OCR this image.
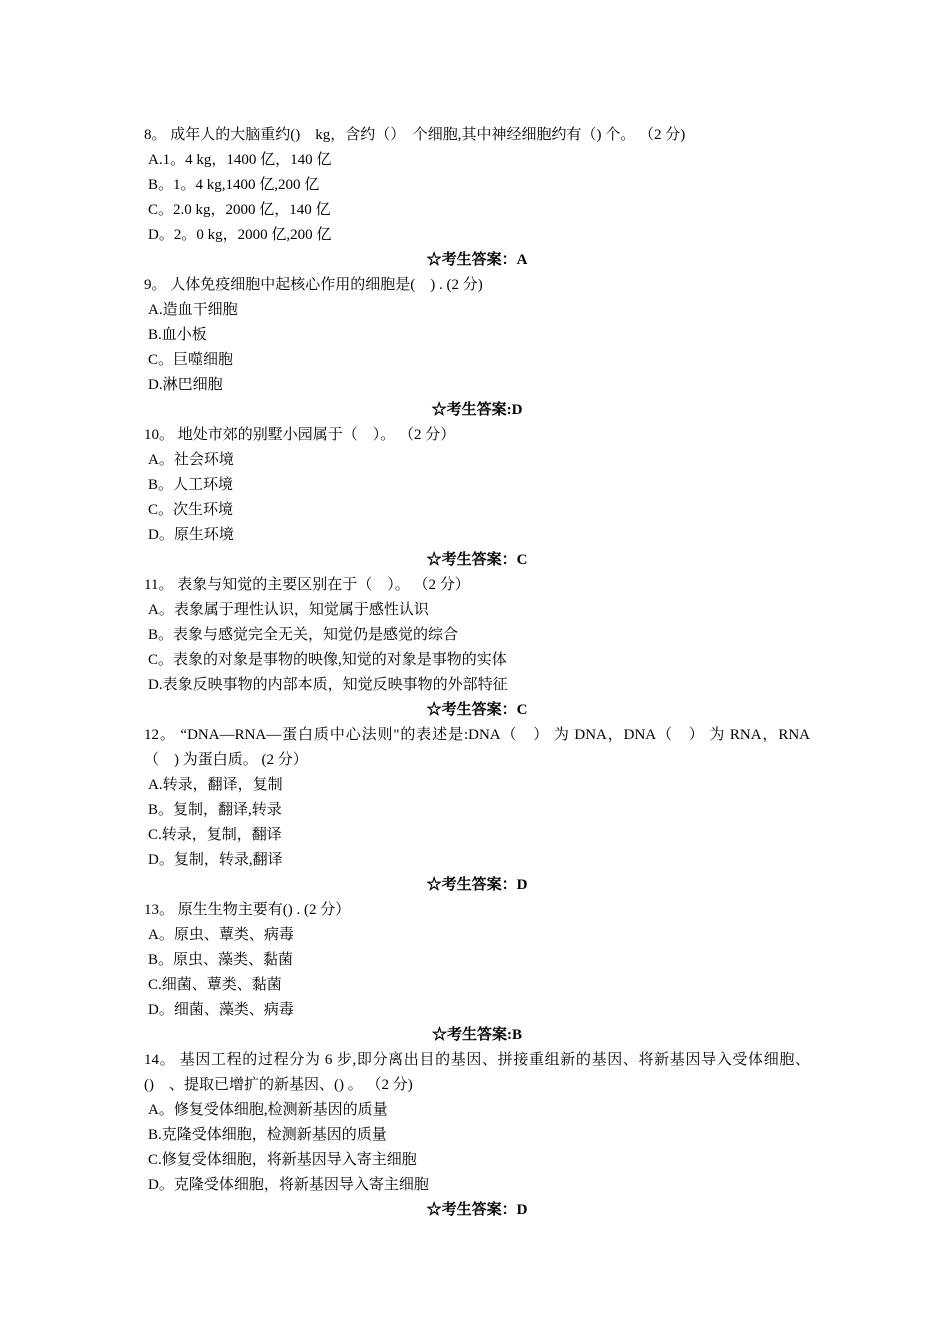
8。 成年人的大脑重约()　kg，含约（）　个细胞,其中神经细胞约有（) 个。 （2 分)
A.1。4 kg，1400 亿，140 亿
B。1。4 kg,1400 亿,200 亿
C。2.0 kg，2000 亿，140 亿
D。2。0 kg，2000 亿,200 亿
☆考生答案：A
9。 人体免疫细胞中起核心作用的细胞是(　) . (2 分)
A.造血干细胞
B.血小板
C。巨噬细胞
D.淋巴细胞
☆考生答案:D
10。 地处市郊的别墅小园属于（　）。 （2 分）
A。社会环境
B。人工环境
C。次生环境
D。原生环境
☆考生答案：C
11。 表象与知觉的主要区别在于（　）。 （2 分）
A。表象属于理性认识，知觉属于感性认识
B。表象与感觉完全无关，知觉仍是感觉的综合
C。表象的对象是事物的映像,知觉的对象是事物的实体
D.表象反映事物的内部本质，知觉反映事物的外部特征
☆考生答案：C
12。 “DNA—RNA—蛋白质中心法则"的表述是:DNA（　） 为 DNA，DNA（　） 为 RNA，RNA（　) 为蛋白质。 (2 分）
A.转录，翻译，复制
B。复制，翻译,转录
C.转录，复制，翻译
D。复制，转录,翻译
☆考生答案：D
13。 原生生物主要有() . (2 分）
A。原虫、蕈类、病毒
B。原虫、藻类、黏菌
C.细菌、蕈类、黏菌
D。细菌、藻类、病毒
☆考生答案:B
14。 基因工程的过程分为 6 步,即分离出目的基因、拼接重组新的基因、将新基因导入受体细胞、()　、提取已增扩的新基因、() 。 （2 分)
A。修复受体细胞,检测新基因的质量
B.克隆受体细胞，检测新基因的质量
C.修复受体细胞，将新基因导入寄主细胞
D。克隆受体细胞，将新基因导入寄主细胞
☆考生答案：D
